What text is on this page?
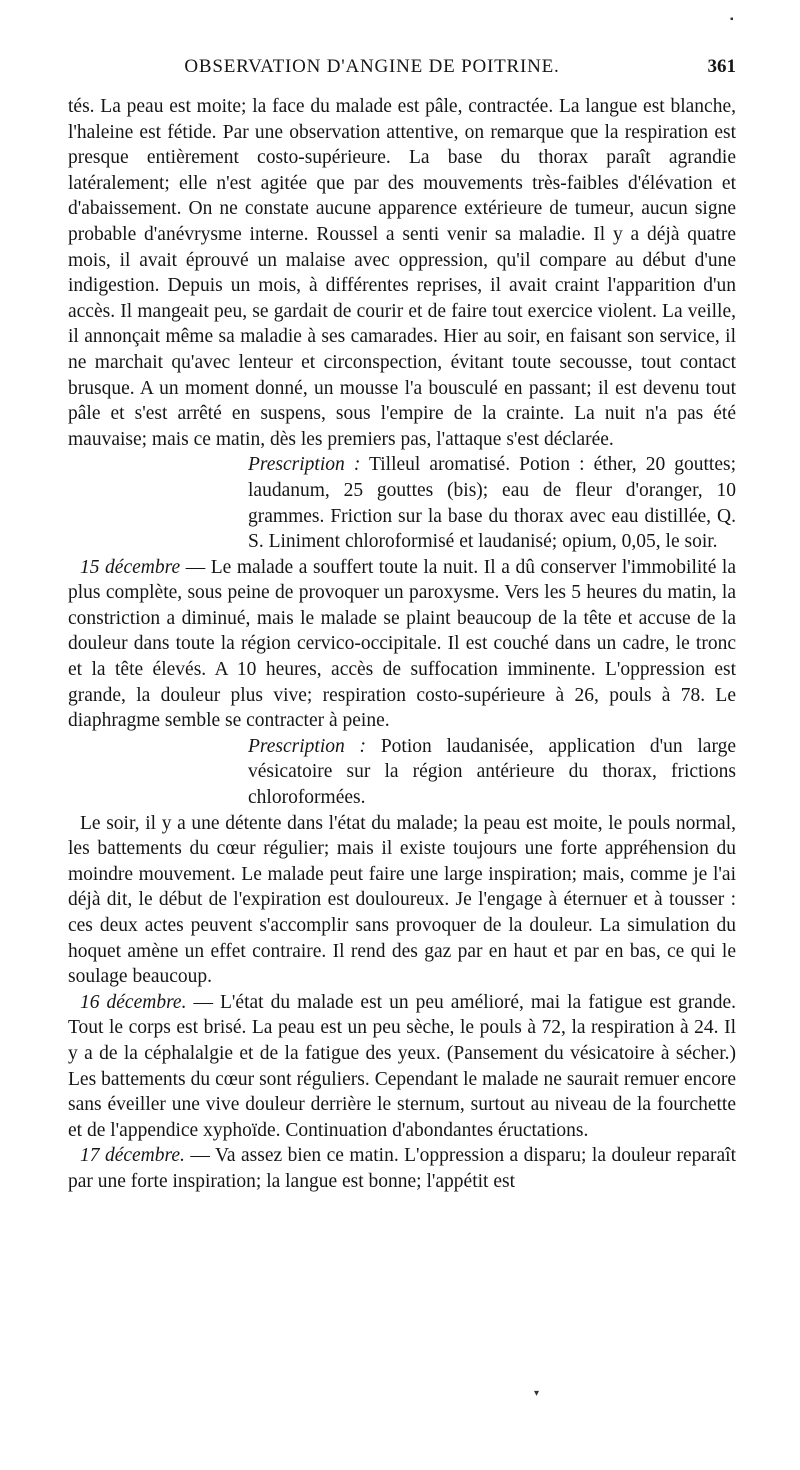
OBSERVATION D'ANGINE DE POITRINE.	361

tés. La peau est moite; la face du malade est pâle, contractée. La langue est blanche, l'haleine est fétide. Par une observation attentive, on remarque que la respiration est presque entièrement costo-supérieure. La base du thorax paraît agrandie latéralement; elle n'est agitée que par des mouvements très-faibles d'élévation et d'abaissement. On ne constate aucune apparence extérieure de tumeur, aucun signe probable d'anévrysme interne. Roussel a senti venir sa maladie. Il y a déjà quatre mois, il avait éprouvé un malaise avec oppression, qu'il compare au début d'une indigestion. Depuis un mois, à différentes reprises, il avait craint l'apparition d'un accès. Il mangeait peu, se gardait de courir et de faire tout exercice violent. La veille, il annonçait même sa maladie à ses camarades. Hier au soir, en faisant son service, il ne marchait qu'avec lenteur et circonspection, évitant toute secousse, tout contact brusque. A un moment donné, un mousse l'a bousculé en passant; il est devenu tout pâle et s'est arrêté en suspens, sous l'empire de la crainte. La nuit n'a pas été mauvaise; mais ce matin, dès les premiers pas, l'attaque s'est déclarée.

Prescription : Tilleul aromatisé. Potion : éther, 20 gouttes; laudanum, 25 gouttes (bis); eau de fleur d'oranger, 10 grammes. Friction sur la base du thorax avec eau distillée, Q. S. Liniment chloroformisé et laudanisé; opium, 0,05, le soir.

15 décembre — Le malade a souffert toute la nuit. Il a dû conserver l'immobilité la plus complète, sous peine de provoquer un paroxysme. Vers les 5 heures du matin, la constriction a diminué, mais le malade se plaint beaucoup de la tête et accuse de la douleur dans toute la région cervico-occipitale. Il est couché dans un cadre, le tronc et la tête élevés. A 10 heures, accès de suffocation imminente. L'oppression est grande, la douleur plus vive; respiration costo-supérieure à 26, pouls à 78. Le diaphragme semble se contracter à peine.

Prescription : Potion laudanisée, application d'un large vésicatoire sur la région antérieure du thorax, frictions chloroformées.

Le soir, il y a une détente dans l'état du malade; la peau est moite, le pouls normal, les battements du cœur régulier; mais il existe toujours une forte appréhension du moindre mouvement. Le malade peut faire une large inspiration; mais, comme je l'ai déjà dit, le début de l'expiration est douloureux. Je l'engage à éternuer et à tousser : ces deux actes peuvent s'accomplir sans provoquer de la douleur. La simulation du hoquet amène un effet contraire. Il rend des gaz par en haut et par en bas, ce qui le soulage beaucoup.

16 décembre. — L'état du malade est un peu amélioré, mai la fatigue est grande. Tout le corps est brisé. La peau est un peu sèche, le pouls à 72, la respiration à 24. Il y a de la céphalalgie et de la fatigue des yeux. (Pansement du vésicatoire à sécher.) Les battements du cœur sont réguliers. Cependant le malade ne saurait remuer encore sans éveiller une vive douleur derrière le sternum, surtout au niveau de la fourchette et de l'appendice xyphoïde. Continuation d'abondantes éructations.

17 décembre. — Va assez bien ce matin. L'oppression a disparu; la douleur reparaît par une forte inspiration; la langue est bonne; l'appétit est

▪
▾
